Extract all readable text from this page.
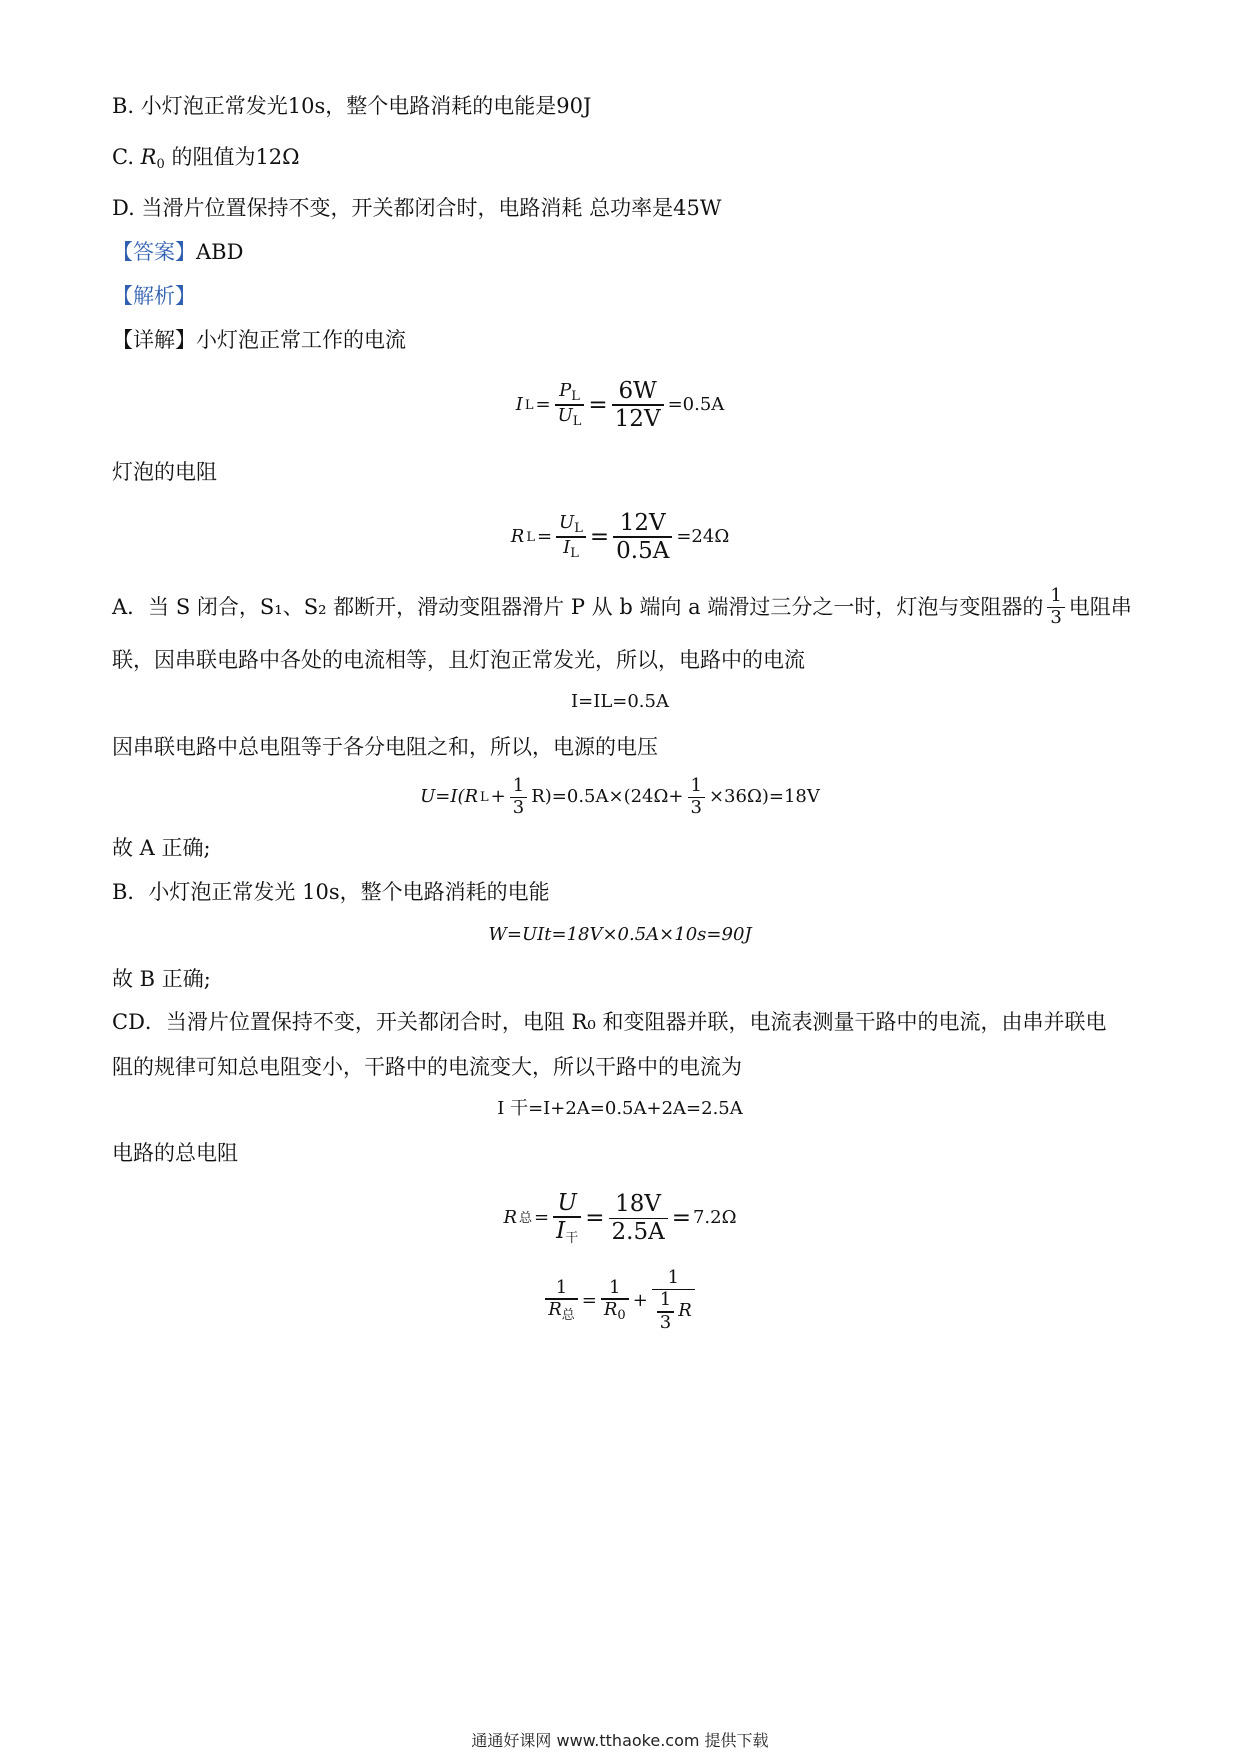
B. 小灯泡正常发光10s，整个电路消耗的电能是90J
C. $R_0$ 的阻值为12Ω
D. 当滑片位置保持不变，开关都闭合时，电路消耗 总功率是45W
【答案】ABD
【解析】
【详解】小灯泡正常工作的电流
I $L = \frac{P_L}{U_L} = \frac{6W}{12V} =0.5A$
灯泡的电阻
R $L = \frac{U_L}{I_L} = \frac{12V}{0.5A} =24\Omega$
A．当 S 闭合，S₁、S₂ 都断开，滑动变阻器滑片 P 从 b 端向 a 端滑过三分之一时，灯泡与变阻器的 $\frac{1}{3}$ 电阻串
联，因串联电路中各处的电流相等，且灯泡正常发光，所以，电路中的电流
I=IL=0.5A
因串联电路中总电阻等于各分电阻之和，所以，电源的电压
U=I(R $L + \frac{1}{3} R)=0.5A\times(24\Omega+ \frac{1}{3} \times 36\Omega)=18V$
故 A 正确;
B．小灯泡正常发光 10s，整个电路消耗的电能
W=UIt=18V×0.5A×10s=90J
故 B 正确;
CD．当滑片位置保持不变，开关都闭合时，电阻 R₀ 和变阻器并联，电流表测量干路中的电流，由串并联电
阻的规律可知总电阻变小，干路中的电流变大，所以干路中的电流为
I 干=I+2A=0.5A+2A=2.5A
电路的总电阻
R 总 = $\frac{U}{I_干} = \frac{18V}{2.5A} = 7.2\Omega$
$\frac{1}{R_总} = \frac{1}{R_0} + \frac{1}{\frac{1}{3} R}$
通通好课网 www.tthaoke.com 提供下载
